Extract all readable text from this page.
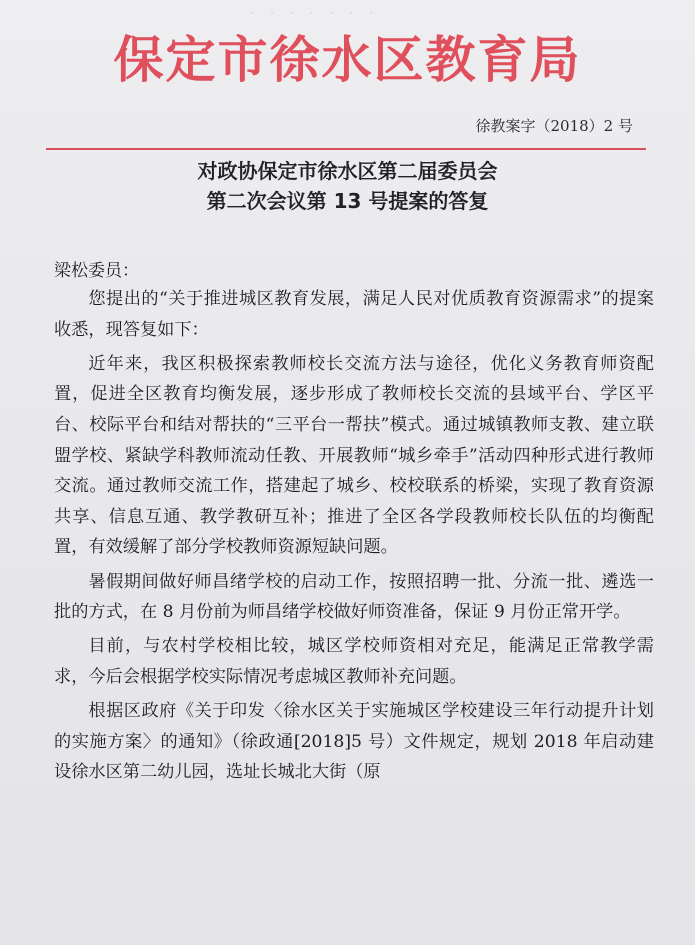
·　·　·　·　·　·　·
保定市徐水区教育局
徐教案字（2018）2 号
对政协保定市徐水区第二届委员会
第二次会议第 13 号提案的答复
梁松委员：

您提出的“关于推进城区教育发展，满足人民对优质教育资源需求”的提案收悉，现答复如下：

近年来，我区积极探索教师校长交流方法与途径，优化义务教育师资配置，促进全区教育均衡发展，逐步形成了教师校长交流的县域平台、学区平台、校际平台和结对帮扶的“三平台一帮扶”模式。通过城镇教师支教、建立联盟学校、紧缺学科教师流动任教、开展教师“城乡牵手”活动四种形式进行教师交流。通过教师交流工作，搭建起了城乡、校校联系的桥梁，实现了教育资源共享、信息互通、教学教研互补；推进了全区各学段教师校长队伍的均衡配置，有效缓解了部分学校教师资源短缺问题。

暑假期间做好师昌绪学校的启动工作，按照招聘一批、分流一批、遴选一批的方式，在 8 月份前为师昌绪学校做好师资准备，保证 9 月份正常开学。

目前，与农村学校相比较，城区学校师资相对充足，能满足正常教学需求，今后会根据学校实际情况考虑城区教师补充问题。

根据区政府《关于印发〈徐水区关于实施城区学校建设三年行动提升计划的实施方案〉的通知》（徐政通[2018]5 号）文件规定，规划 2018 年启动建设徐水区第二幼儿园，选址长城北大街（原
